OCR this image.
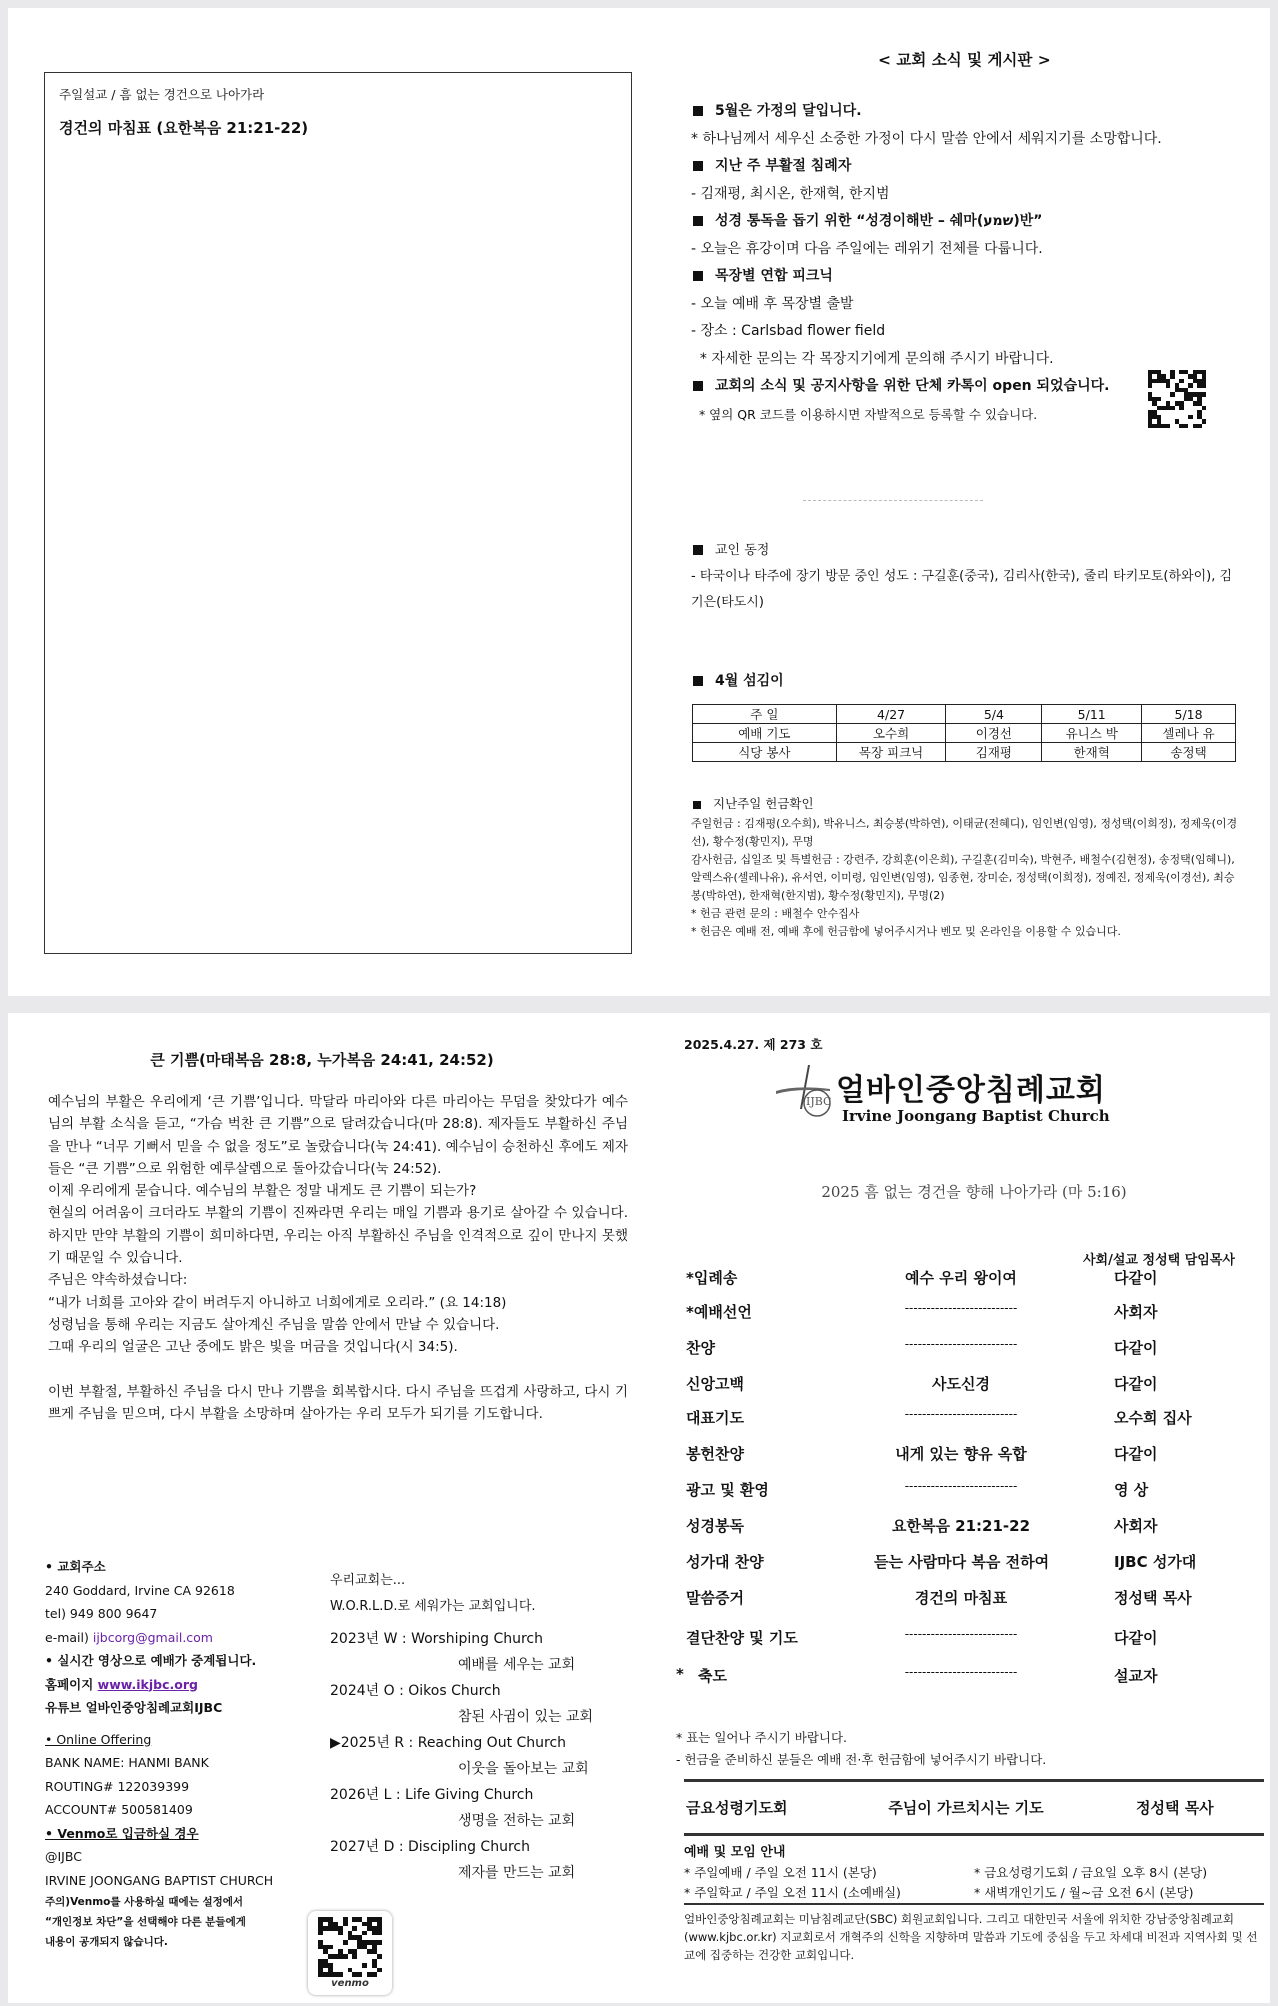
주일설교 / 흠 없는 경건으로 나아가라
경건의 마침표 (요한복음 21:21-22)
< 교회 소식 및 게시판 >
5월은 가정의 달입니다.
* 하나님께서 세우신 소중한 가정이 다시 말씀 안에서 세워지기를 소망합니다.
지난 주 부활절 침례자
- 김재평, 최시온, 한재혁, 한지범
성경 통독을 돕기 위한 “성경이해반 – 쉐마(שמע)반”
- 오늘은 휴강이며 다음 주일에는 레위기 전체를 다룹니다.
목장별 연합 피크닉
- 오늘 예배 후 목장별 출발
- 장소 : Carlsbad flower field
* 자세한 문의는 각 목장지기에게 문의해 주시기 바랍니다.
교회의 소식 및 공지사항을 위한 단체 카톡이 open 되었습니다.
* 옆의 QR 코드를 이용하시면 자발적으로 등록할 수 있습니다.
교인 동정
- 타국이나 타주에 장기 방문 중인 성도 : 구길훈(중국), 김리사(한국), 줄리 타키모토(하와이), 김기은(타도시)
4월 섬김이
주 일	4/27	5/4	5/11	5/18
예배 기도	오수희	이경선	유니스 박	셀레나 유
식당 봉사	목장 피크닉	김재평	한재혁	송정택
지난주일 헌금확인
주일헌금 : 김재평(오수희), 박유니스, 최승봉(박하연), 이태균(전혜디), 임인변(임영), 정성택(이희정), 정제욱(이경선), 황수정(황민지), 무명
감사헌금, 십일조 및 특별헌금 : 강련주, 강희훈(이은희), 구길훈(김미숙), 박현주, 배철수(김현정), 송정택(임혜니), 알렉스유(셀레나유), 유서연, 이미령, 임인변(임영), 임종현, 장미순, 정성택(이희정), 정예진, 정제욱(이경선), 최승봉(박하연), 한재혁(한지범), 황수정(황민지), 무명(2)
* 헌금 관련 문의 : 배철수 안수집사
* 헌금은 예배 전, 예배 후에 헌금함에 넣어주시거나 벤모 및 온라인을 이용할 수 있습니다.
큰 기쁨(마태복음 28:8, 누가복음 24:41, 24:52)

예수님의 부활은 우리에게 ‘큰 기쁨’입니다. 막달라 마리아와 다른 마리아는 무덤을 찾았다가 예수님의 부활 소식을 듣고, “가슴 벅찬 큰 기쁨”으로 달려갔습니다(마 28:8). 제자들도 부활하신 주님을 만나 “너무 기뻐서 믿을 수 없을 정도”로 놀랐습니다(눅 24:41). 예수님이 승천하신 후에도 제자들은 “큰 기쁨”으로 위험한 예루살렘으로 돌아갔습니다(눅 24:52).

이제 우리에게 묻습니다. 예수님의 부활은 정말 내게도 큰 기쁨이 되는가?

현실의 어려움이 크더라도 부활의 기쁨이 진짜라면 우리는 매일 기쁨과 용기로 살아갈 수 있습니다. 하지만 만약 부활의 기쁨이 희미하다면, 우리는 아직 부활하신 주님을 인격적으로 깊이 만나지 못했기 때문일 수 있습니다.

주님은 약속하셨습니다:

“내가 너희를 고아와 같이 버려두지 아니하고 너희에게로 오리라.” (요 14:18)

성령님을 통해 우리는 지금도 살아계신 주님을 말씀 안에서 만날 수 있습니다.

그때 우리의 얼굴은 고난 중에도 밝은 빛을 머금을 것입니다(시 34:5).

이번 부활절, 부활하신 주님을 다시 만나 기쁨을 회복합시다. 다시 주님을 뜨겁게 사랑하고, 다시 기쁘게 주님을 믿으며, 다시 부활을 소망하며 살아가는 우리 모두가 되기를 기도합니다.

• 교회주소
240 Goddard, Irvine CA 92618
tel) 949 800 9647
e-mail) ijbcorg@gmail.com
• 실시간 영상으로 예배가 중계됩니다.
홈페이지 www.ikjbc.org
유튜브 얼바인중앙침례교회IJBC
• Online Offering
BANK NAME: HANMI BANK
ROUTING# 122039399
ACCOUNT# 500581409
• Venmo로 입금하실 경우
@IJBC
IRVINE JOONGANG BAPTIST CHURCH
주의)Venmo를 사용하실 때에는 설정에서
“개인정보 차단”을 선택해야 다른 분들에게
내용이 공개되지 않습니다.
venmo
우리교회는...
W.O.R.L.D.로 세워가는 교회입니다.
2023년 W : Worshiping Church
예배를 세우는 교회
2024년 O : Oikos Church
참된 사귐이 있는 교회
▶2025년 R : Reaching Out Church
이웃을 돌아보는 교회
2026년 L : Life Giving Church
생명을 전하는 교회
2027년 D : Discipling Church
제자를 만드는 교회
2025.4.27. 제 273 호
IJBC 얼바인중앙침례교회
Irvine Joongang Baptist Church
2025 흠 없는 경건을 향해 나아가라 (마 5:16)
사회/설교 정성택 담임목사
*입례송	예수 우리 왕이여	다같이
*예배선언	--------------------------	사회자
찬양	--------------------------	다같이
신앙고백	사도신경	다같이
대표기도	--------------------------	오수희 집사
봉헌찬양	내게 있는 향유 옥합	다같이
광고 및 환영	--------------------------	영 상
성경봉독	요한복음 21:21-22	사회자
성가대 찬양	듣는 사람마다 복음 전하여	IJBC 성가대
말씀증거	경건의 마침표	정성택 목사
결단찬양 및 기도	--------------------------	다같이
축도	--------------------------	설교자
*
* 표는 일어나 주시기 바랍니다.
- 헌금을 준비하신 분들은 예배 전·후 헌금함에 넣어주시기 바랍니다.
금요성령기도회	주님이 가르치시는 기도	정성택 목사
예배 및 모임 안내
* 주일예배 / 주일 오전 11시 (본당)
* 주일학교 / 주일 오전 11시 (소예배실)
* 금요성령기도회 / 금요일 오후 8시 (본당)
* 새벽개인기도 / 월~금 오전 6시 (본당)
얼바인중앙침례교회는 미남침례교단(SBC) 회원교회입니다. 그리고 대한민국 서울에 위치한 강남중앙침례교회(www.kjbc.or.kr) 지교회로서 개혁주의 신학을 지향하며 말씀과 기도에 중심을 두고 차세대 비전과 지역사회 및 선교에 집중하는 건강한 교회입니다.
